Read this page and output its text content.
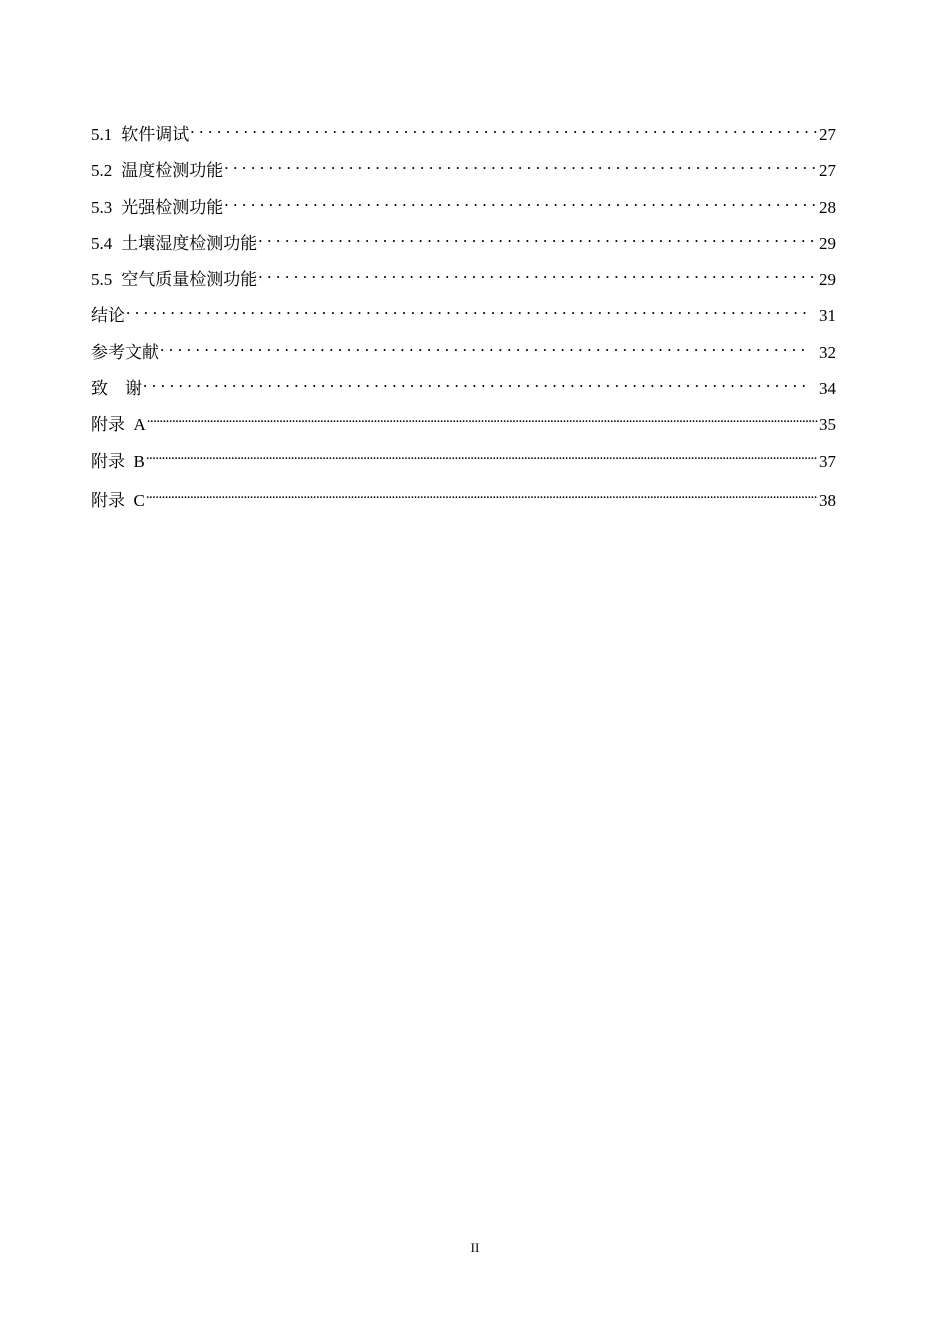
5.1 软件调试 . . .	27
5.2 温度检测功能 . . .	27
5.3 光强检测功能 . . .	28
5.4 土壤湿度检测功能 . . .	29
5.5 空气质量检测功能 . . .	29
结论 . . .	31
参考文献 . . .	32
致　谢 . . .	34
附录  A .....	35
附录  B .....	37
附录  C .....	38
II
